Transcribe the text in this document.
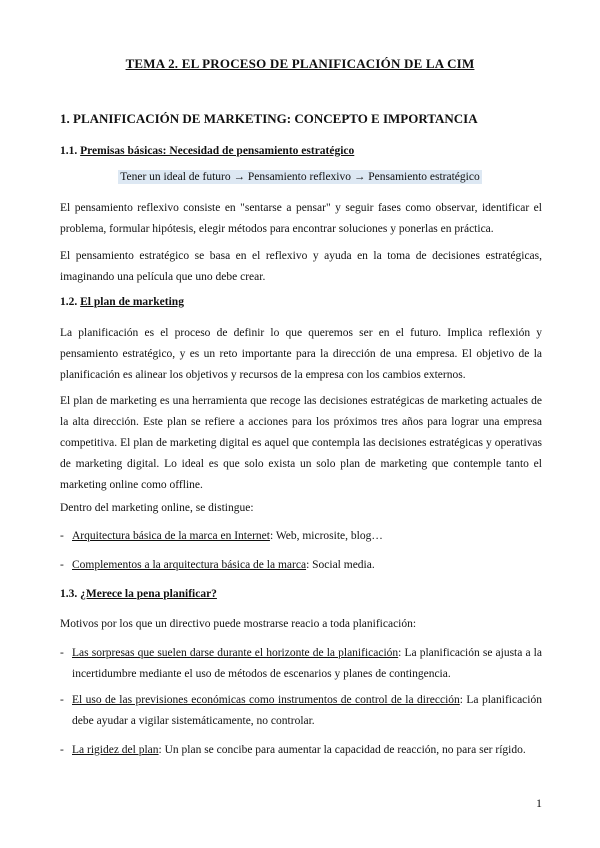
TEMA 2. EL PROCESO DE PLANIFICACIÓN DE LA CIM
1. PLANIFICACIÓN DE MARKETING: CONCEPTO E IMPORTANCIA
1.1. Premisas básicas: Necesidad de pensamiento estratégico
Tener un ideal de futuro → Pensamiento reflexivo → Pensamiento estratégico
El pensamiento reflexivo consiste en "sentarse a pensar" y seguir fases como observar, identificar el problema, formular hipótesis, elegir métodos para encontrar soluciones y ponerlas en práctica.
El pensamiento estratégico se basa en el reflexivo y ayuda en la toma de decisiones estratégicas, imaginando una película que uno debe crear.
1.2. El plan de marketing
La planificación es el proceso de definir lo que queremos ser en el futuro. Implica reflexión y pensamiento estratégico, y es un reto importante para la dirección de una empresa. El objetivo de la planificación es alinear los objetivos y recursos de la empresa con los cambios externos.
El plan de marketing es una herramienta que recoge las decisiones estratégicas de marketing actuales de la alta dirección. Este plan se refiere a acciones para los próximos tres años para lograr una empresa competitiva. El plan de marketing digital es aquel que contempla las decisiones estratégicas y operativas de marketing digital. Lo ideal es que solo exista un solo plan de marketing que contemple tanto el marketing online como offline.
Dentro del marketing online, se distingue:
- Arquitectura básica de la marca en Internet: Web, microsite, blog…
- Complementos a la arquitectura básica de la marca: Social media.
1.3. ¿Merece la pena planificar?
Motivos por los que un directivo puede mostrarse reacio a toda planificación:
- Las sorpresas que suelen darse durante el horizonte de la planificación: La planificación se ajusta a la incertidumbre mediante el uso de métodos de escenarios y planes de contingencia.
- El uso de las previsiones económicas como instrumentos de control de la dirección: La planificación debe ayudar a vigilar sistemáticamente, no controlar.
- La rigidez del plan: Un plan se concibe para aumentar la capacidad de reacción, no para ser rígido.
1
